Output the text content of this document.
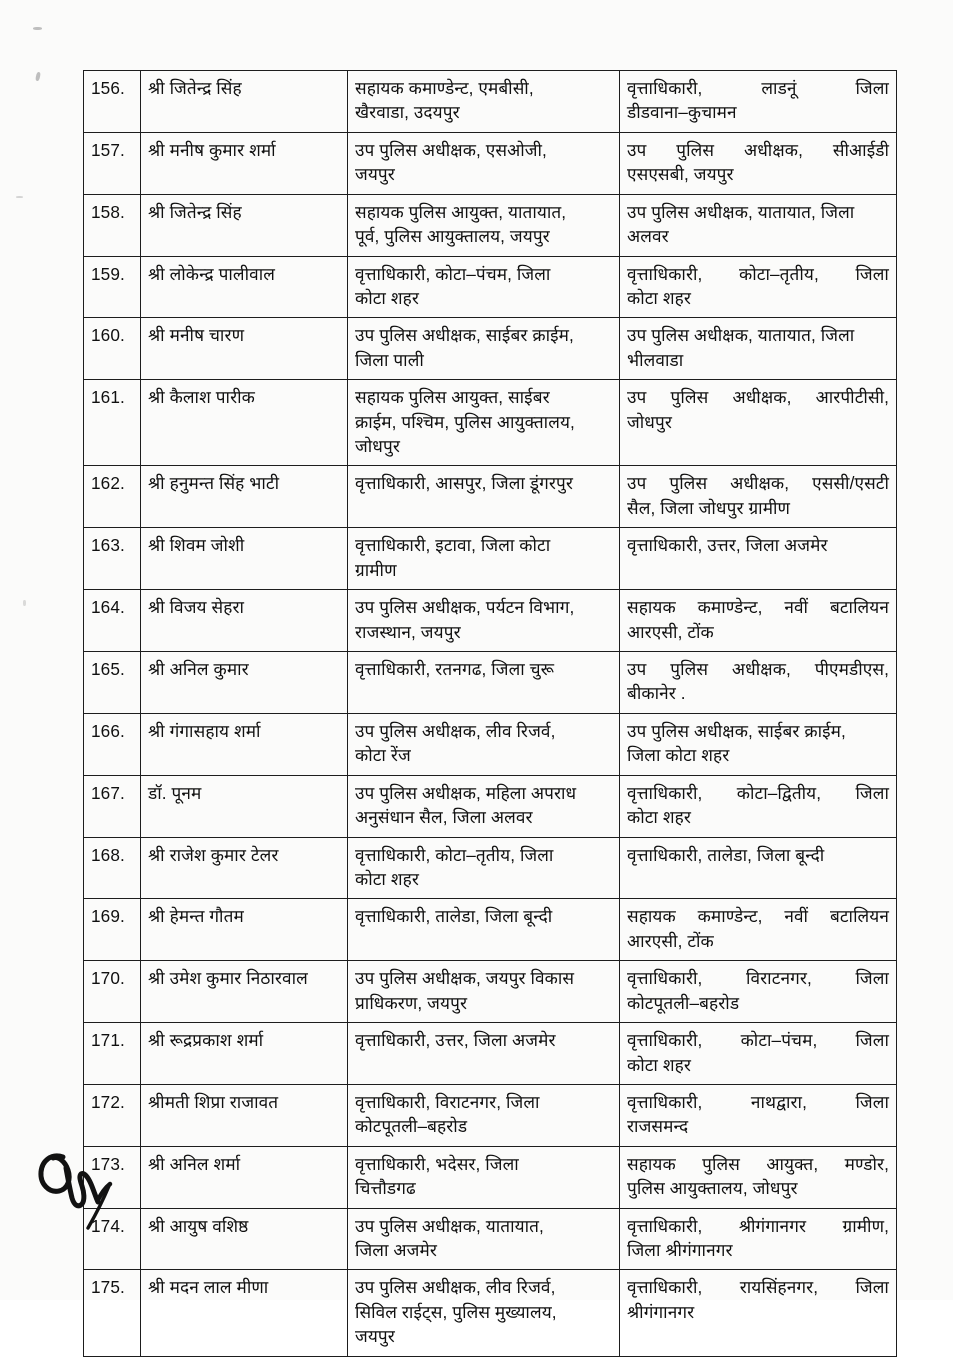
156.	श्री जितेन्द्र सिंह	सहायक कमाण्डेन्ट, एमबीसी,
खैरवाडा, उदयपुर	वृत्ताधिकारी, लाडनूं जिला
डीडवाना–कुचामन

157.	श्री मनीष कुमार शर्मा	उप पुलिस अधीक्षक, एसओजी,
जयपुर	उप पुलिस अधीक्षक, सीआईडी
एसएसबी, जयपुर

158.	श्री जितेन्द्र सिंह	सहायक पुलिस आयुक्त, यातायात,
पूर्व, पुलिस आयुक्तालय, जयपुर	उप पुलिस अधीक्षक, यातायात, जिला
अलवर

159.	श्री लोकेन्द्र पालीवाल	वृत्ताधिकारी, कोटा–पंचम, जिला
कोटा शहर	वृत्ताधिकारी, कोटा–तृतीय, जिला
कोटा शहर

160.	श्री मनीष चारण	उप पुलिस अधीक्षक, साईबर क्राईम,
जिला पाली	उप पुलिस अधीक्षक, यातायात, जिला
भीलवाडा

161.	श्री कैलाश पारीक	सहायक पुलिस आयुक्त, साईबर
क्राईम, पश्चिम, पुलिस आयुक्तालय,
जोधपुर	उप पुलिस अधीक्षक, आरपीटीसी,
जोधपुर

162.	श्री हनुमन्त सिंह भाटी	वृत्ताधिकारी, आसपुर, जिला डूंगरपुर	उप पुलिस अधीक्षक, एससी/एसटी
सैल, जिला जोधपुर ग्रामीण

163.	श्री शिवम जोशी	वृत्ताधिकारी, इटावा, जिला कोटा
ग्रामीण	वृत्ताधिकारी, उत्तर, जिला अजमेर

164.	श्री विजय सेहरा	उप पुलिस अधीक्षक, पर्यटन विभाग,
राजस्थान, जयपुर	सहायक कमाण्डेन्ट, नवीं बटालियन
आरएसी, टोंक

165.	श्री अनिल कुमार	वृत्ताधिकारी, रतनगढ, जिला चुरू	उप पुलिस अधीक्षक, पीएमडीएस,
बीकानेर .

166.	श्री गंगासहाय शर्मा	उप पुलिस अधीक्षक, लीव रिजर्व,
कोटा रेंज	उप पुलिस अधीक्षक, साईबर क्राईम,
जिला कोटा शहर

167.	डॉ. पूनम	उप पुलिस अधीक्षक, महिला अपराध
अनुसंधान सैल, जिला अलवर	वृत्ताधिकारी, कोटा–द्वितीय, जिला
कोटा शहर

168.	श्री राजेश कुमार टेलर	वृत्ताधिकारी, कोटा–तृतीय, जिला
कोटा शहर	वृत्ताधिकारी, तालेडा, जिला बून्दी

169.	श्री हेमन्त गौतम	वृत्ताधिकारी, तालेडा, जिला बून्दी	सहायक कमाण्डेन्ट, नवीं बटालियन
आरएसी, टोंक

170.	श्री उमेश कुमार निठारवाल	उप पुलिस अधीक्षक, जयपुर विकास
प्राधिकरण, जयपुर	वृत्ताधिकारी, विराटनगर, जिला
कोटपूतली–बहरोड

171.	श्री रूद्रप्रकाश शर्मा	वृत्ताधिकारी, उत्तर, जिला अजमेर	वृत्ताधिकारी, कोटा–पंचम, जिला
कोटा शहर

172.	श्रीमती शिप्रा राजावत	वृत्ताधिकारी, विराटनगर, जिला
कोटपूतली–बहरोड	वृत्ताधिकारी, नाथद्वारा, जिला
राजसमन्द

173.	श्री अनिल शर्मा	वृत्ताधिकारी, भदेसर, जिला
चित्तौडगढ	सहायक पुलिस आयुक्त, मण्डोर,
पुलिस आयुक्तालय, जोधपुर

174.	श्री आयुष वशिष्ठ	उप पुलिस अधीक्षक, यातायात,
जिला अजमेर	वृत्ताधिकारी, श्रीगंगानगर ग्रामीण,
जिला श्रीगंगानगर

175.	श्री मदन लाल मीणा	उप पुलिस अधीक्षक, लीव रिजर्व,
सिविल राईट्स, पुलिस मुख्यालय,
जयपुर	वृत्ताधिकारी, रायसिंहनगर, जिला
श्रीगंगानगर
